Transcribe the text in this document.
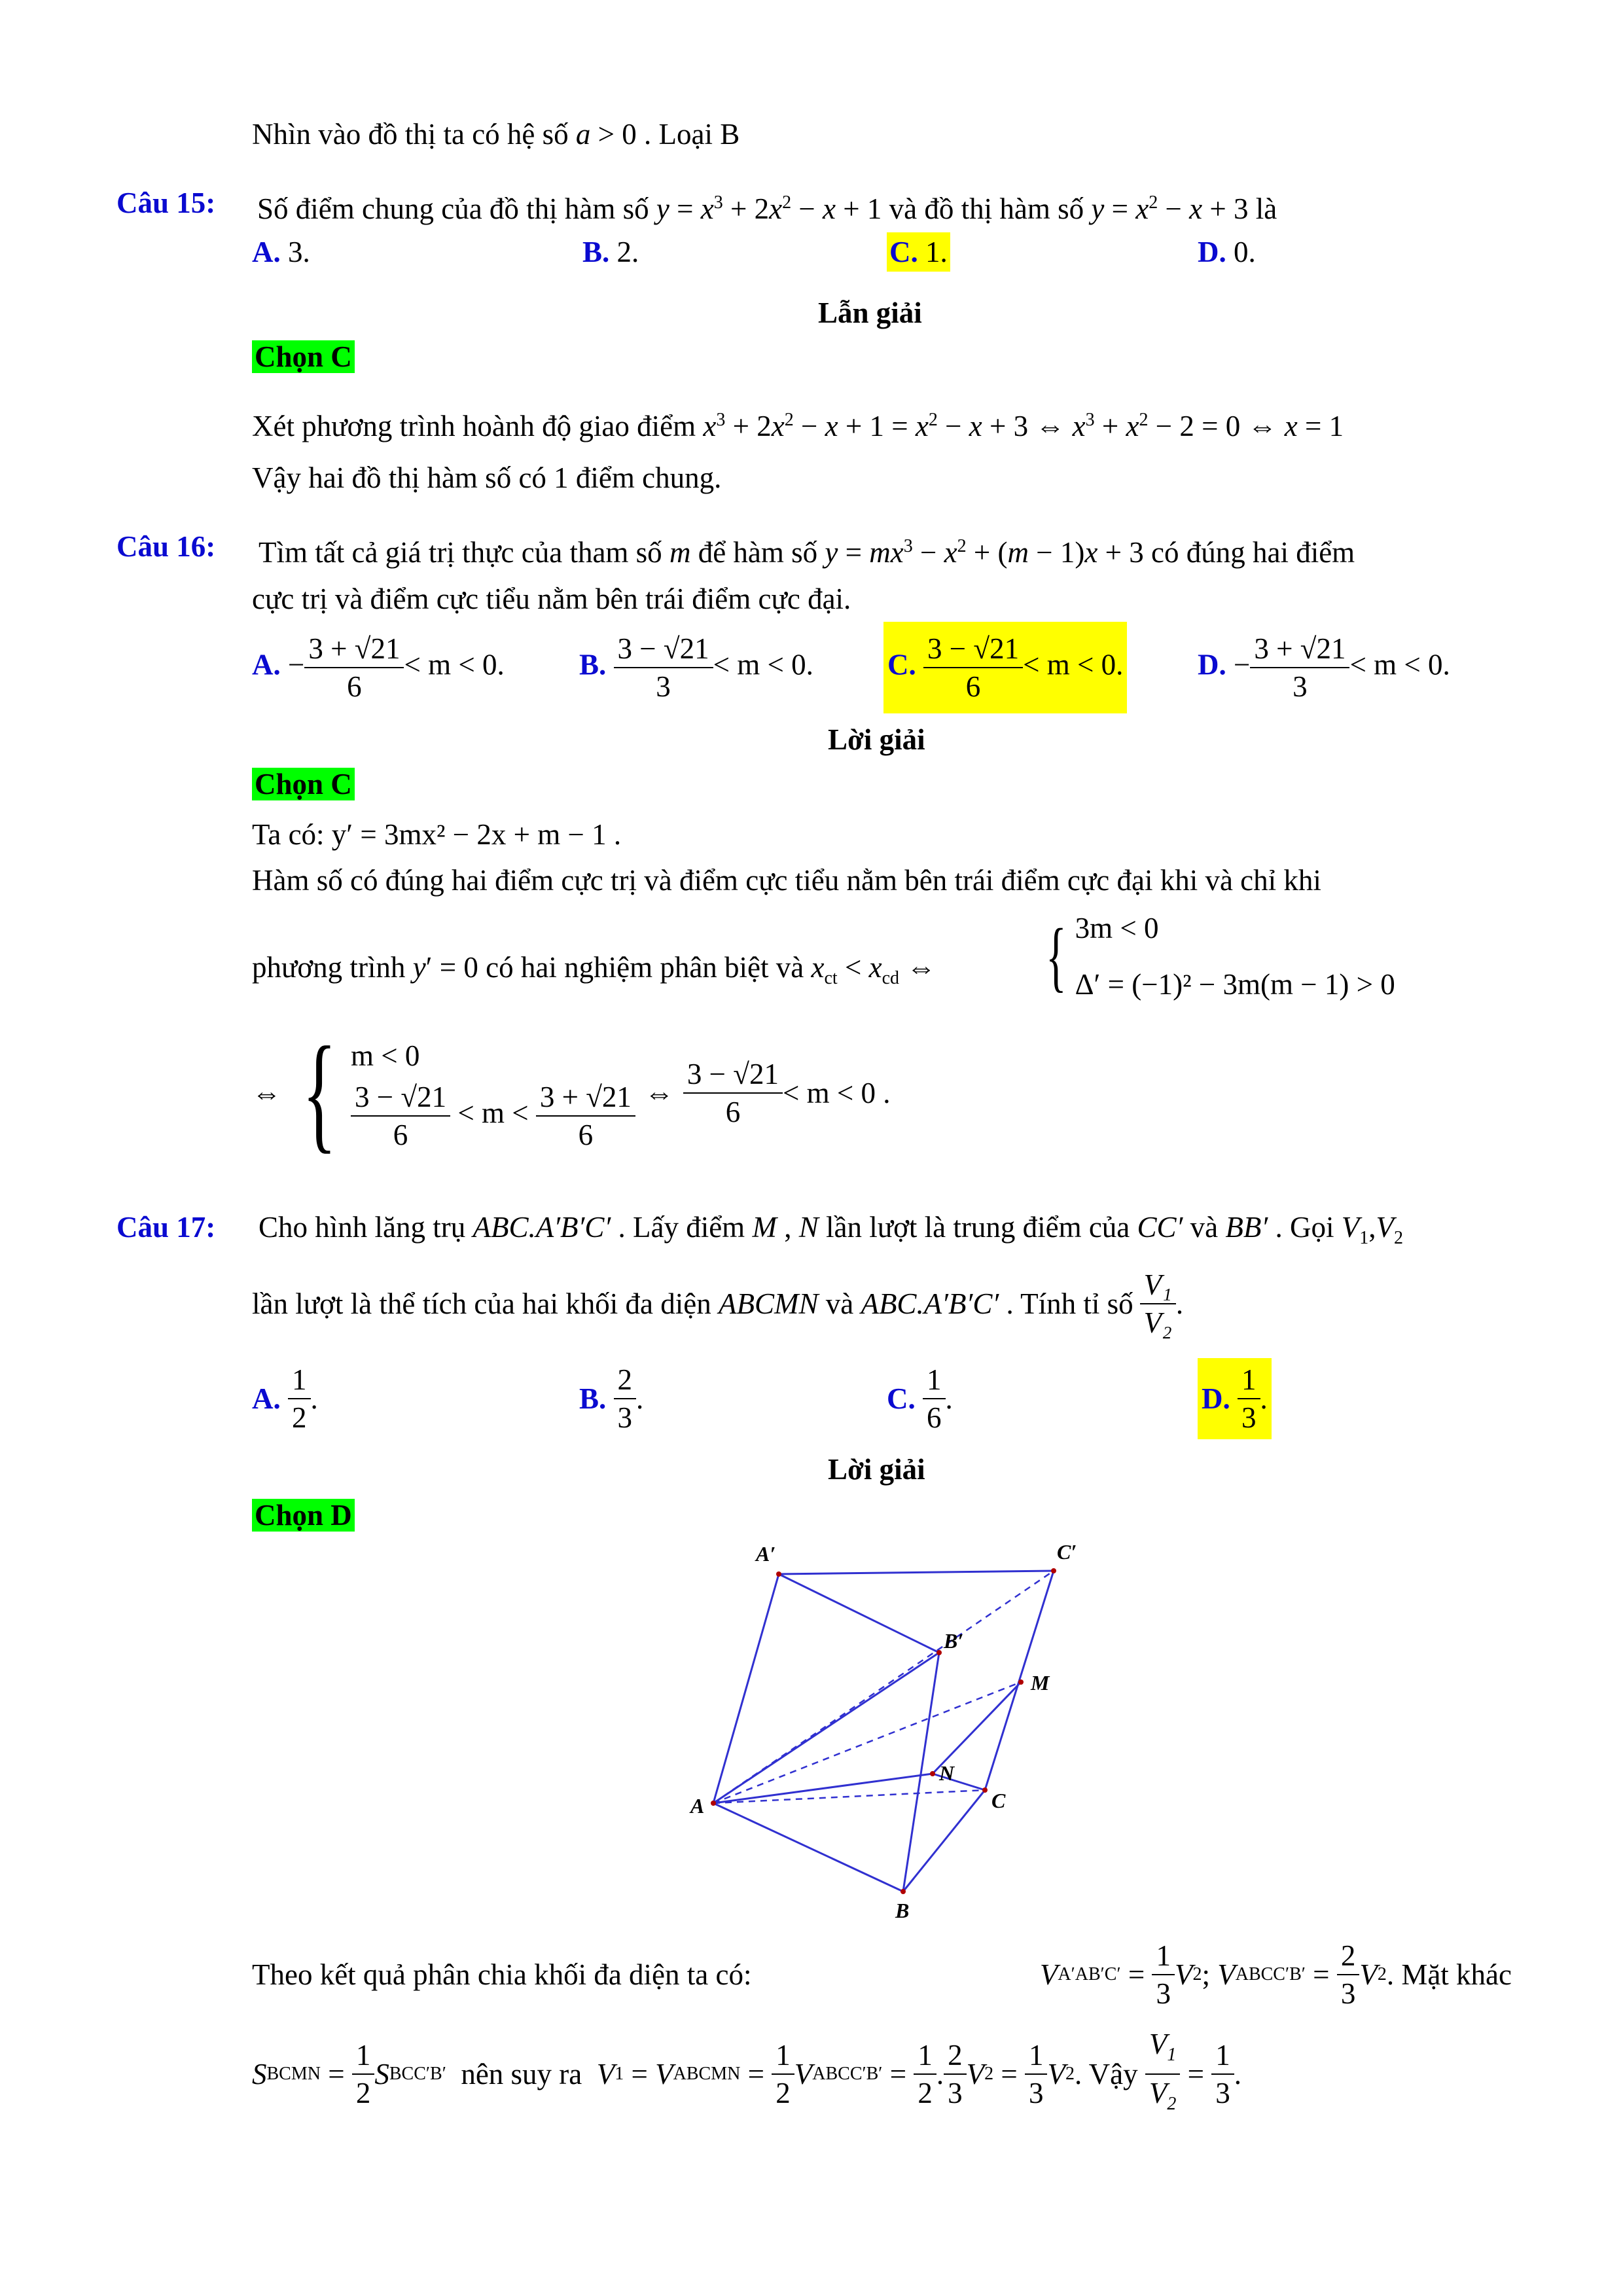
Nhìn vào đồ thị ta có hệ số a > 0 . Loại B
Câu 15: Số điểm chung của đồ thị hàm số $y = x^3 + 2x^2 - x + 1$ và đồ thị hàm số $y = x^2 - x + 3$ là
A. 3.	B. 2.	C. 1.	D. 0.
Lẫn giải
Chọn C
Xét phương trình hoành độ giao điểm $x^3 + 2x^2 - x + 1 = x^2 - x + 3$ ⇔ $x^3 + x^2 - 2 = 0$ ⇔ x = 1
Vậy hai đồ thị hàm số có 1 điểm chung.
Câu 16: Tìm tất cả giá trị thực của tham số m để hàm số $y = mx^3 - x^2 + (m - 1)x + 3$ có đúng hai điểm
cực trị và điểm cực tiểu nằm bên trái điểm cực đại.
A. − $\frac{3 + √21}{6} < m < 0$.	B. $\frac{3 - √21}{3} < m < 0$.	C. $\frac{3 - √21}{6} < m < 0$.	D. − $\frac{3 + √21}{3} < m < 0$.
Lời giải
Chọn C
Ta có: y′ = 3mx² − 2x + m − 1 .
Hàm số có đúng hai điểm cực trị và điểm cực tiểu nằm bên trái điểm cực đại khi và chỉ khi
phương trình y′ = 0 có hai nghiệm phân biệt và $x_{ct} < x_{cd}$ ⇔ { 3m < 0
Δ′ = (−1)² − 3m(m − 1) > 0
⇔ { m < 0
$\frac{3 - √21}{6} < m < \frac{3 + √21}{6}$ ⇔ $\frac{3 - √21}{6} < m < 0$ .
Câu 17: Cho hình lăng trụ ABC.A′B′C′ . Lấy điểm M , N lần lượt là trung điểm của CC′ và BB′ . Gọi $V_1,V_2$
lần lượt là thể tích của hai khối đa diện ABCMN và ABC.A′B′C′ . Tính tỉ số $\frac{\text{V₁}}{\text{V₂}}$ .
A.
$\frac{1}{2}$ .	B.
$\frac{2}{3}$ .	C.
$\frac{1}{6}$ .	D.
$\frac{1}{3}$ .
Lời giải
Chọn D
A′	C′
B′
M
N
A	C
B
Theo kết quả phân chia khối đa diện ta có:	V $A'AB'C' = \frac{1}{3}$ V 2 ; V ABCC′B′ = $\frac{2}{3}$ V 2 . Mặt khác
S BCMN = $\frac{1}{2}$ S BCC′B′ nên suy ra V 1 = V ABCMN = $\frac{1}{2}$ V ABCC′B′ = $\frac{1}{2}$ . $\frac{2}{3}$ V $2 = \frac{1}{3}$ V 2 . Vậy $\frac{V_1}{V_2} = \frac{1}{3}$ .
